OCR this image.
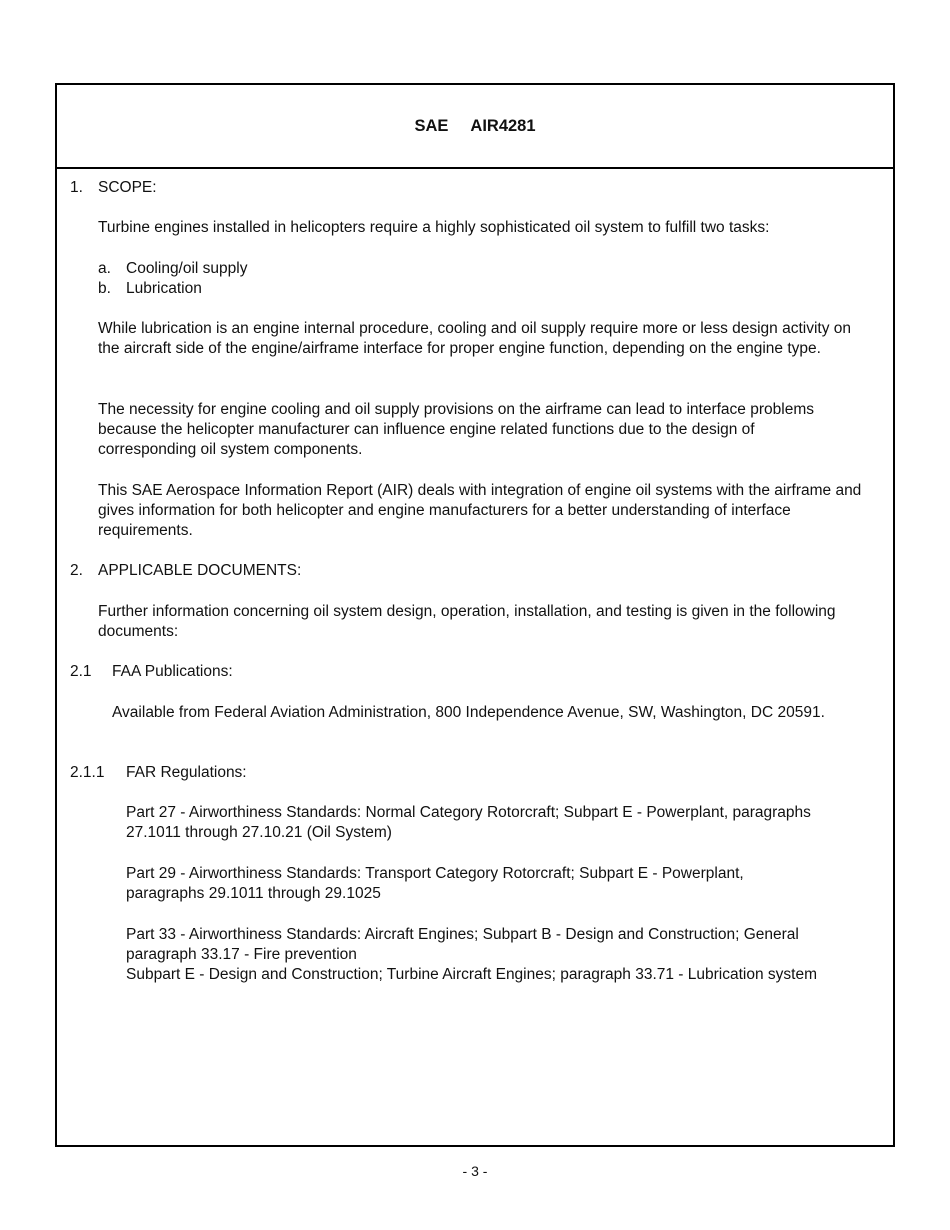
SAE AIR4281
1. SCOPE:
Turbine engines installed in helicopters require a highly sophisticated oil system to fulfill two tasks:
a. Cooling/oil supply
b. Lubrication
While lubrication is an engine internal procedure, cooling and oil supply require more or less design activity on the aircraft side of the engine/airframe interface for proper engine function, depending on the engine type.
The necessity for engine cooling and oil supply provisions on the airframe can lead to interface problems because the helicopter manufacturer can influence engine related functions due to the design of corresponding oil system components.
This SAE Aerospace Information Report (AIR) deals with integration of engine oil systems with the airframe and gives information for both helicopter and engine manufacturers for a better understanding of interface requirements.
2. APPLICABLE DOCUMENTS:
Further information concerning oil system design, operation, installation, and testing is given in the following documents:
2.1 FAA Publications:
Available from Federal Aviation Administration, 800 Independence Avenue, SW, Washington, DC 20591.
2.1.1 FAR Regulations:
Part 27 - Airworthiness Standards: Normal Category Rotorcraft; Subpart E - Powerplant, paragraphs 27.1011 through 27.10.21 (Oil System)
Part 29 - Airworthiness Standards: Transport Category Rotorcraft; Subpart E - Powerplant, paragraphs 29.1011 through 29.1025
Part 33 - Airworthiness Standards: Aircraft Engines; Subpart B - Design and Construction; General paragraph 33.17 - Fire prevention
Subpart E - Design and Construction; Turbine Aircraft Engines; paragraph 33.71 - Lubrication system
- 3 -
